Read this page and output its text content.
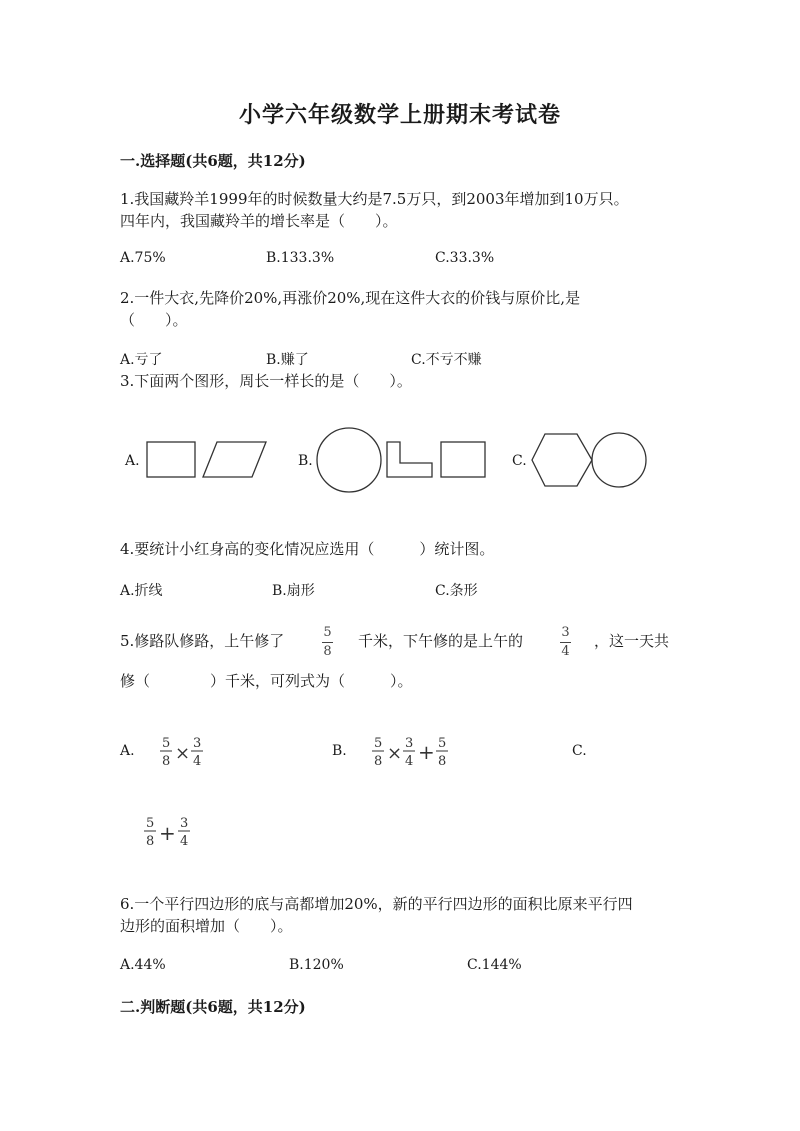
小学六年级数学上册期末考试卷
一.选择题(共6题，共12分)
1.我国藏羚羊1999年的时候数量大约是7.5万只，到2003年增加到10万只。
四年内，我国藏羚羊的增长率是（　　）。
A.75%	B.133.3%	C.33.3%
2.一件大衣,先降价20%,再涨价20%,现在这件大衣的价钱与原价比,是
（　　）。
A.亏了	B.赚了	C.不亏不赚
3.下面两个图形，周长一样长的是（　　）。
A.	B.	C.
4.要统计小红身高的变化情况应选用（　　　）统计图。
A.折线	B.扇形	C.条形
5.修路队修路，上午修了	5
8
千米，下午修的是上午的	3
4
，这一天共
修（　　　　）千米，可列式为（　　　）。
A. 5
8 × 3
4
B. 5
8 × 3
4 + 5
8
C.
5
8 + 3
4
6.一个平行四边形的底与高都增加20%，新的平行四边形的面积比原来平行四
边形的面积增加（　　）。
A.44%	B.120%	C.144%
二.判断题(共6题，共12分)
